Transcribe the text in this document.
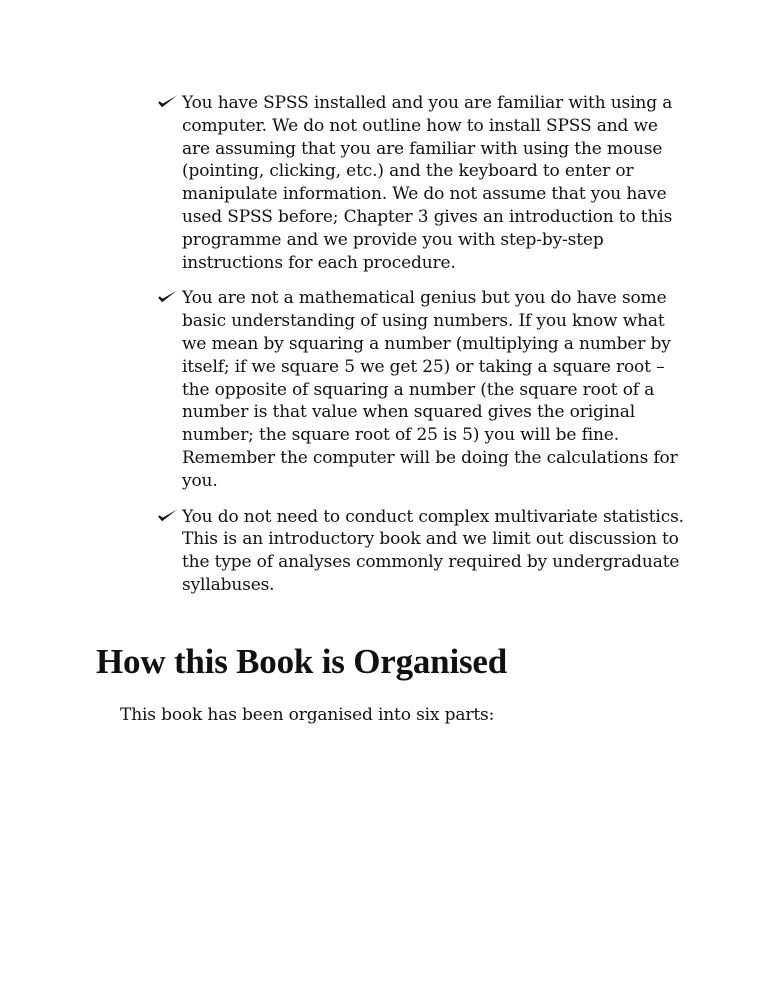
You have SPSS installed and you are familiar with using a computer. We do not outline how to install SPSS and we are assuming that you are familiar with using the mouse (pointing, clicking, etc.) and the keyboard to enter or manipulate information. We do not assume that you have used SPSS before; Chapter 3 gives an introduction to this programme and we provide you with step-by-step instructions for each procedure.
You are not a mathematical genius but you do have some basic understanding of using numbers. If you know what we mean by squaring a number (multiplying a number by itself; if we square 5 we get 25) or taking a square root – the opposite of squaring a number (the square root of a number is that value when squared gives the original number; the square root of 25 is 5) you will be fine. Remember the computer will be doing the calculations for you.
You do not need to conduct complex multivariate statistics. This is an introductory book and we limit out discussion to the type of analyses commonly required by undergraduate syllabuses.
How this Book is Organised

This book has been organised into six parts:
